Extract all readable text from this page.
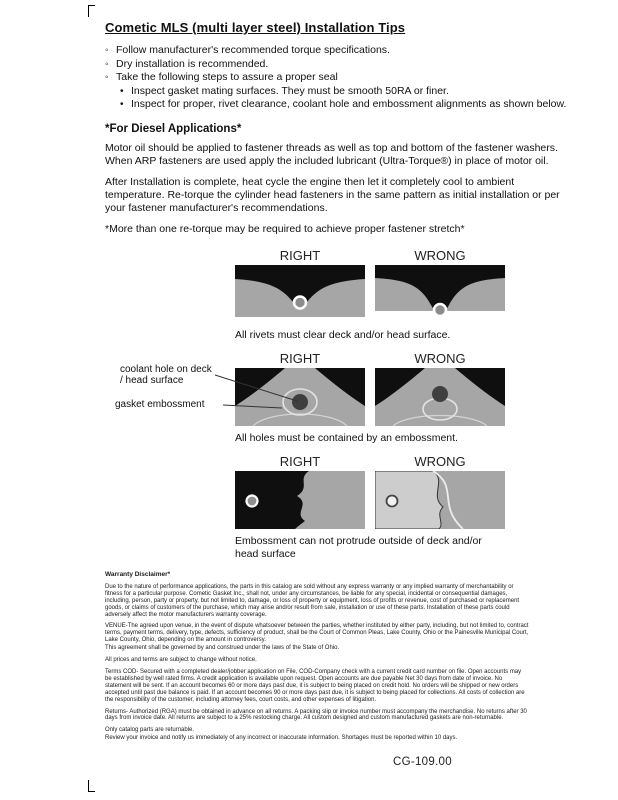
Cometic MLS (multi layer steel) Installation Tips
◦ Follow manufacturer's recommended torque specifications.
◦ Dry installation is recommended.
◦ Take the following steps to assure a proper seal
• Inspect gasket mating surfaces. They must be smooth 50RA or finer.
• Inspect for proper, rivet clearance, coolant hole and embossment alignments as shown below.
*For Diesel Applications*

Motor oil should be applied to fastener threads as well as top and bottom of the fastener washers. When ARP fasteners are used apply the included lubricant (Ultra-Torque®) in place of motor oil.

After Installation is complete, heat cycle the engine then let it completely cool to ambient temperature. Re-torque the cylinder head fasteners in the same pattern as initial installation or per your fastener manufacturer's recommendations.

*More than one re-torque may be required to achieve proper fastener stretch*

RIGHT	WRONG
All rivets must clear deck and/or head surface.
RIGHT	WRONG
coolant hole on deck / head surface
gasket embossment
All holes must be contained by an embossment.
RIGHT	WRONG
Embossment can not protrude outside of deck and/or head surface
Warranty Disclaimer*

Due to the nature of performance applications, the parts in this catalog are sold without any express warranty or any implied warranty of merchantability or fitness for a particular purpose. Cometic Gasket Inc., shall not, under any circumstances, be liable for any special, incidental or consequential damages, including, person, party or property, but not limited to, damage, or loss of property or equipment, loss of profits or revenue, cost of purchased or replacement goods, or claims of customers of the purchase, which may arise and/or result from sale, installation or use of these parts. Installation of these parts could adversely affect the motor manufacturers warranty coverage.

VENUE-The agreed upon venue, in the event of dispute whatsoever between the parties, whether instituted by either party, including, but not limited to, contract terms, payment terms, delivery, type, defects, sufficiency of product, shall be the Court of Common Pleas, Lake County, Ohio or the Painesville Municipal Court, Lake County, Ohio, depending on the amount in controversy.

This agreement shall be governed by and construed under the laws of the State of Ohio.

All prices and terms are subject to change without notice.

Terms COD- Secured with a completed dealer/jobber application on File, COD-Company check with a current credit card number on file. Open accounts may be established by well rated firms. A credit application is available upon request. Open accounts are due payable Net 30 days from date of invoice. No statement will be sent. If an account becomes 60 or more days past due, it is subject to being placed on credit hold. No orders will be shipped or new orders accepted until past due balance is paid. If an account becomes 90 or more days past due, it is subject to being placed for collections. All costs of collection are the responsibility of the customer, including attorney fees, court costs, and other expenses of litigation.

Returns- Authorized (RGA) must be obtained in advance on all returns. A packing slip or invoice number must accompany the merchandise. No returns after 30 days from invoice date. All returns are subject to a 25% restocking charge. All custom designed and custom manufactured gaskets are non-returnable.

Only catalog parts are returnable.

Review your invoice and notify us immediately of any incorrect or inaccurate information. Shortages must be reported within 10 days.

CG-109.00
